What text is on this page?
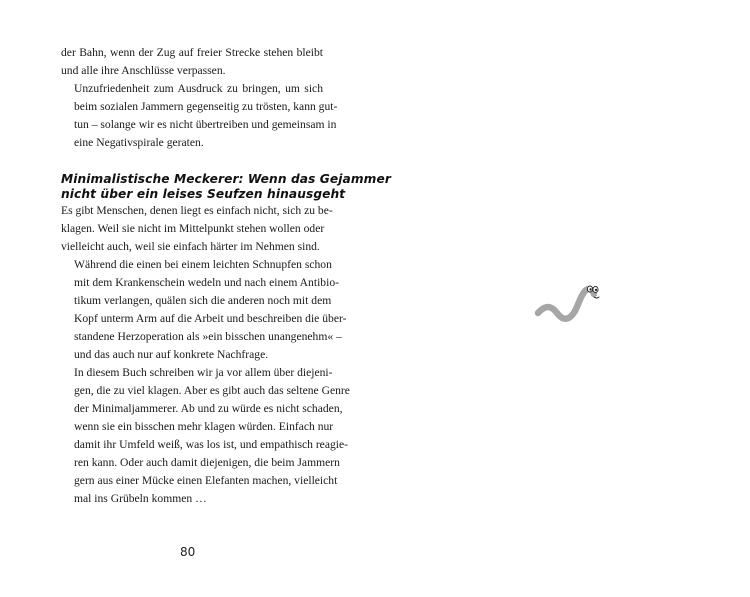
der Bahn, wenn der Zug auf freier Strecke stehen bleibt
und alle ihre Anschlüsse verpassen.

Unzufriedenheit zum Ausdruck zu bringen, um sich
beim sozialen Jammern gegenseitig zu trösten, kann gut-
tun – solange wir es nicht übertreiben und gemeinsam in
eine Negativspirale geraten.

Minimalistische Meckerer: Wenn das Gejammer
nicht über ein leises Seufzen hinausgeht

Es gibt Menschen, denen liegt es einfach nicht, sich zu be-
klagen. Weil sie nicht im Mittelpunkt stehen wollen oder
vielleicht auch, weil sie einfach härter im Nehmen sind.

Während die einen bei einem leichten Schnupfen schon
mit dem Krankenschein wedeln und nach einem Antibio-
tikum verlangen, quälen sich die anderen noch mit dem
Kopf unterm Arm auf die Arbeit und beschreiben die über-
standene Herzoperation als »ein bisschen unangenehm« –
und das auch nur auf konkrete Nachfrage.

In diesem Buch schreiben wir ja vor allem über diejeni-
gen, die zu viel klagen. Aber es gibt auch das seltene Genre
der Minimaljammerer. Ab und zu würde es nicht schaden,
wenn sie ein bisschen mehr klagen würden. Einfach nur
damit ihr Umfeld weiß, was los ist, und empathisch reagie-
ren kann. Oder auch damit diejenigen, die beim Jammern
gern aus einer Mücke einen Elefanten machen, vielleicht
mal ins Grübeln kommen …

80
